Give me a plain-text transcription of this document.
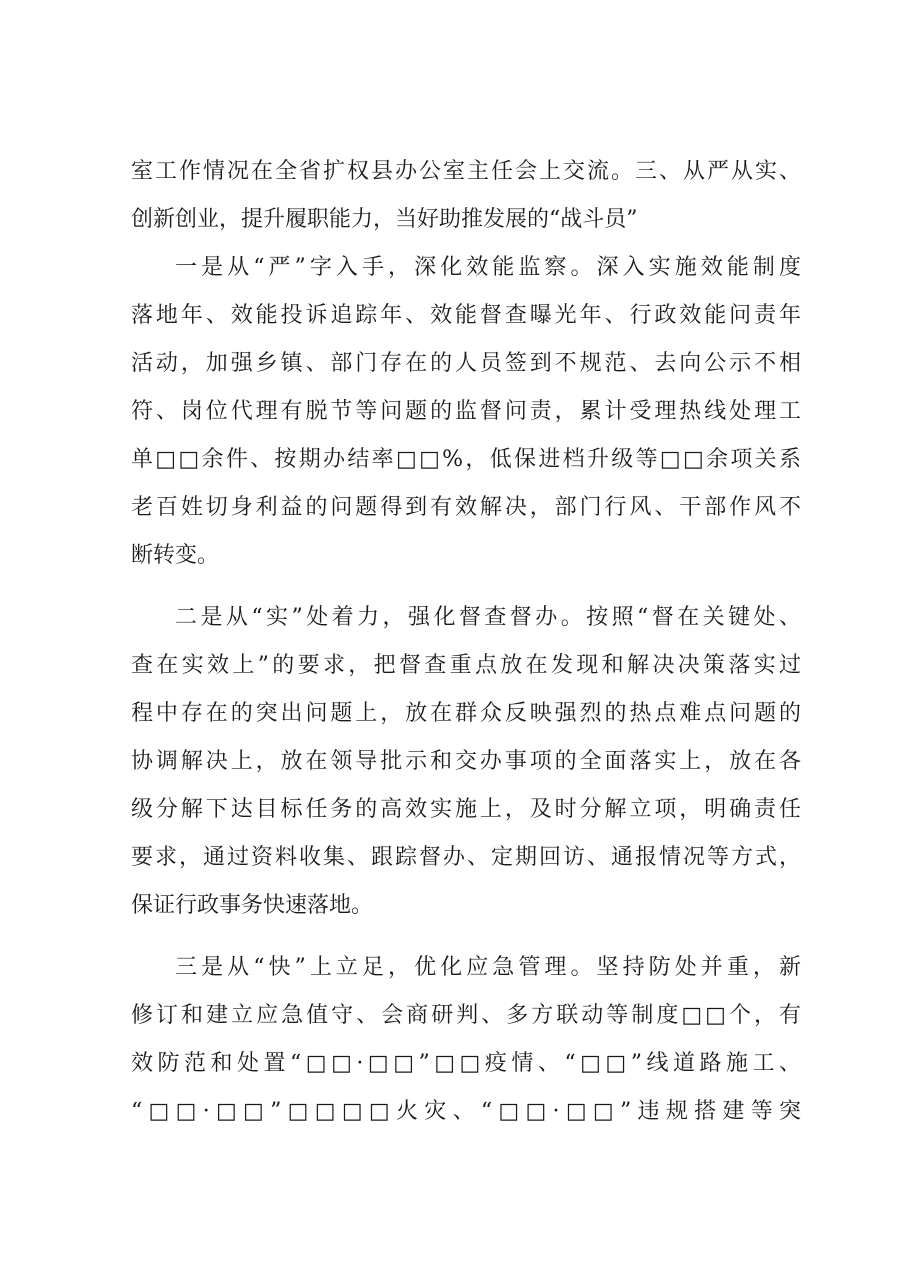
室工作情况在全省扩权县办公室主任会上交流。三、从严从实、
创新创业，提升履职能力，当好助推发展的“战斗员”
一是从“严”字入手，深化效能监察。深入实施效能制度
落地年、效能投诉追踪年、效能督查曝光年、行政效能问责年
活动，加强乡镇、部门存在的人员签到不规范、去向公示不相
符、岗位代理有脱节等问题的监督问责，累计受理热线处理工
单□□余件、按期办结率□□%，低保进档升级等□□余项关系
老百姓切身利益的问题得到有效解决，部门行风、干部作风不
断转变。
二是从“实”处着力，强化督查督办。按照“督在关键处、
查在实效上”的要求，把督查重点放在发现和解决决策落实过
程中存在的突出问题上，放在群众反映强烈的热点难点问题的
协调解决上，放在领导批示和交办事项的全面落实上，放在各
级分解下达目标任务的高效实施上，及时分解立项，明确责任
要求，通过资料收集、跟踪督办、定期回访、通报情况等方式，
保证行政事务快速落地。
三是从“快”上立足，优化应急管理。坚持防处并重，新
修订和建立应急值守、会商研判、多方联动等制度□□个，有
效防范和处置“□□·□□”□□疫情、“□□”线道路施工、
“□□·□□”□□□□火灾、“□□·□□”违规搭建等突
